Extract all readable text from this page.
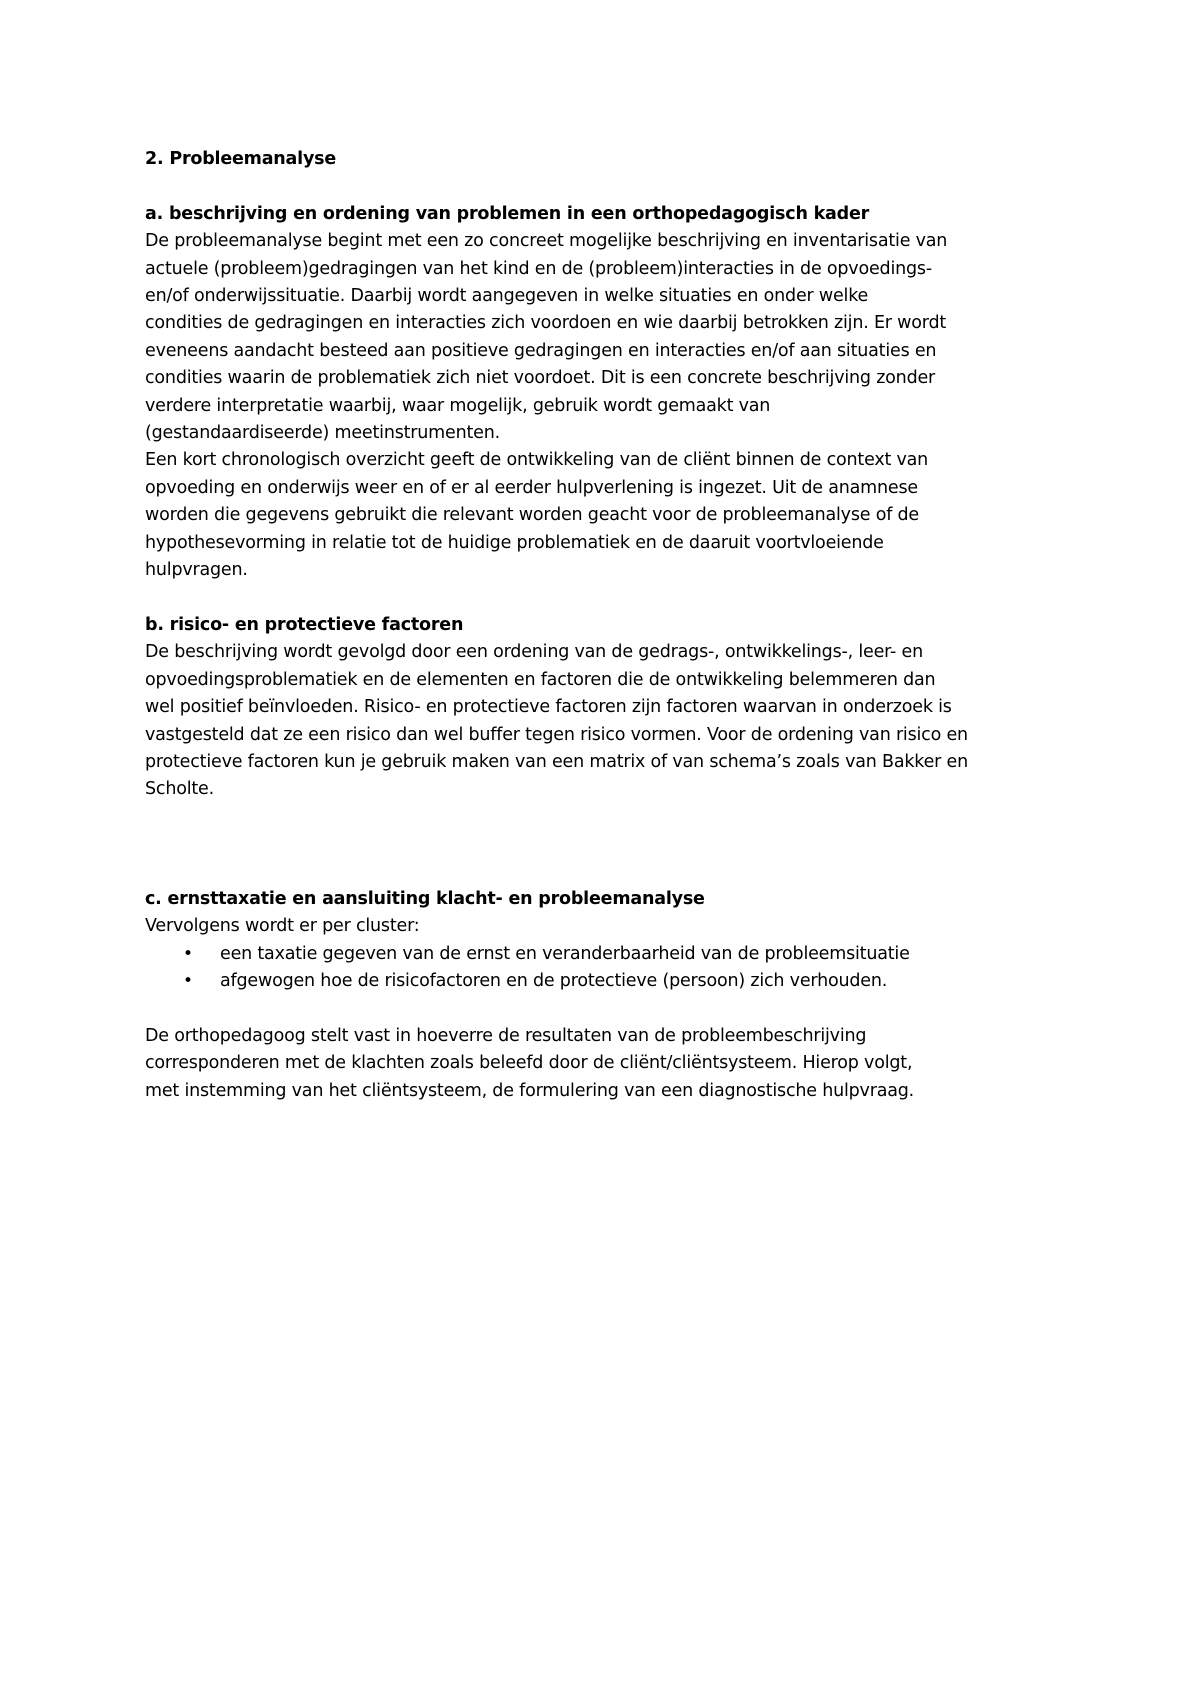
2. Probleemanalyse
a. beschrijving en ordening van problemen in een orthopedagogisch kader

De probleemanalyse begint met een zo concreet mogelijke beschrijving en inventarisatie van
actuele (probleem)gedragingen van het kind en de (probleem)interacties in de opvoedings-
en/of onderwijssituatie. Daarbij wordt aangegeven in welke situaties en onder welke
condities de gedragingen en interacties zich voordoen en wie daarbij betrokken zijn. Er wordt
eveneens aandacht besteed aan positieve gedragingen en interacties en/of aan situaties en
condities waarin de problematiek zich niet voordoet. Dit is een concrete beschrijving zonder
verdere interpretatie waarbij, waar mogelijk, gebruik wordt gemaakt van
(gestandaardiseerde) meetinstrumenten.

Een kort chronologisch overzicht geeft de ontwikkeling van de cliënt binnen de context van
opvoeding en onderwijs weer en of er al eerder hulpverlening is ingezet. Uit de anamnese
worden die gegevens gebruikt die relevant worden geacht voor de probleemanalyse of de
hypothesevorming in relatie tot de huidige problematiek en de daaruit voortvloeiende
hulpvragen.

b. risico- en protectieve factoren

De beschrijving wordt gevolgd door een ordening van de gedrags-, ontwikkelings-, leer- en
opvoedingsproblematiek en de elementen en factoren die de ontwikkeling belemmeren dan
wel positief beïnvloeden. Risico- en protectieve factoren zijn factoren waarvan in onderzoek is
vastgesteld dat ze een risico dan wel buffer tegen risico vormen. Voor de ordening van risico en
protectieve factoren kun je gebruik maken van een matrix of van schema’s zoals van Bakker en
Scholte.

c. ernsttaxatie en aansluiting klacht- en probleemanalyse
Vervolgens wordt er per cluster:
• een taxatie gegeven van de ernst en veranderbaarheid van de probleemsituatie
• afgewogen hoe de risicofactoren en de protectieve (persoon) zich verhouden.

De orthopedagoog stelt vast in hoeverre de resultaten van de probleembeschrijving
corresponderen met de klachten zoals beleefd door de cliënt/cliëntsysteem. Hierop volgt,
met instemming van het cliëntsysteem, de formulering van een diagnostische hulpvraag.
